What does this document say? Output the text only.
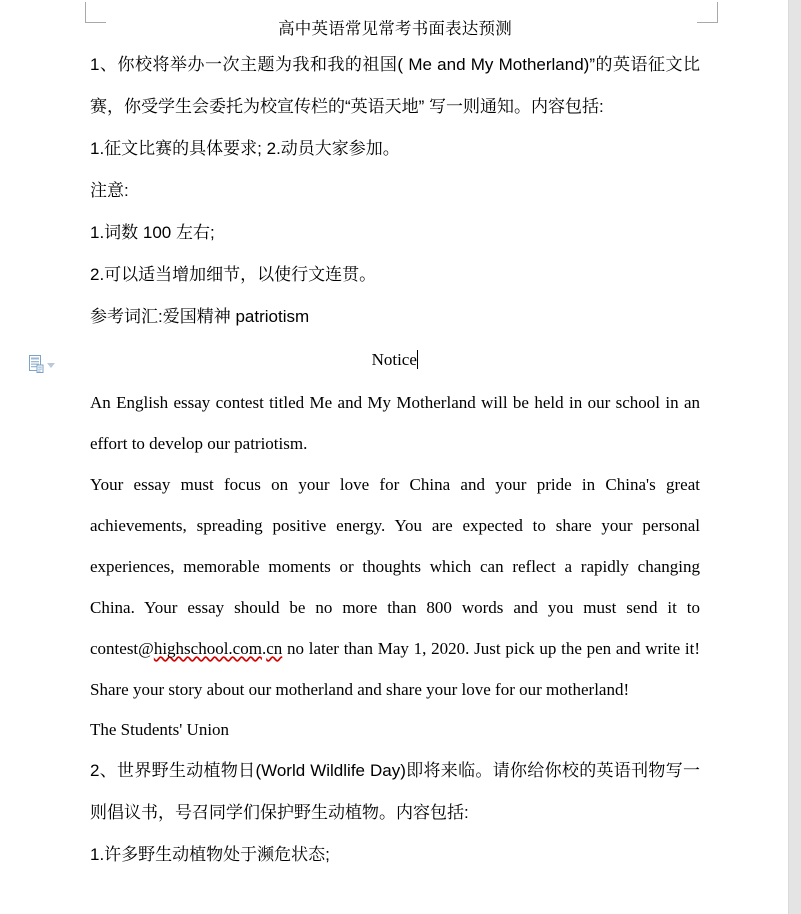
高中英语常见常考书面表达预测

1、你校将举办一次主题为我和我的祖国( Me and My Motherland)”的英语征文比赛，你受学生会委托为校宣传栏的“英语天地” 写一则通知。内容包括:

1.征文比赛的具体要求; 2.动员大家参加。

注意:

1.词数 100 左右;

2.可以适当增加细节，以使行文连贯。

参考词汇:爱国精神 patriotism

Notice

An English essay contest titled Me and My Motherland will be held in our school in an effort to develop our patriotism.

Your essay must focus on your love for China and your pride in China's great achievements, spreading positive energy. You are expected to share your personal experiences, memorable moments or thoughts which can reflect a rapidly changing China. Your essay should be no more than 800 words and you must send it to contest@highschool.com.cn no later than May 1, 2020. Just pick up the pen and write it! Share your story about our motherland and share your love for our motherland!

The Students' Union

2、世界野生动植物日(World Wildlife Day)即将来临。请你给你校的英语刊物写一则倡议书，号召同学们保护野生动植物。内容包括:

1.许多野生动植物处于濒危状态;
